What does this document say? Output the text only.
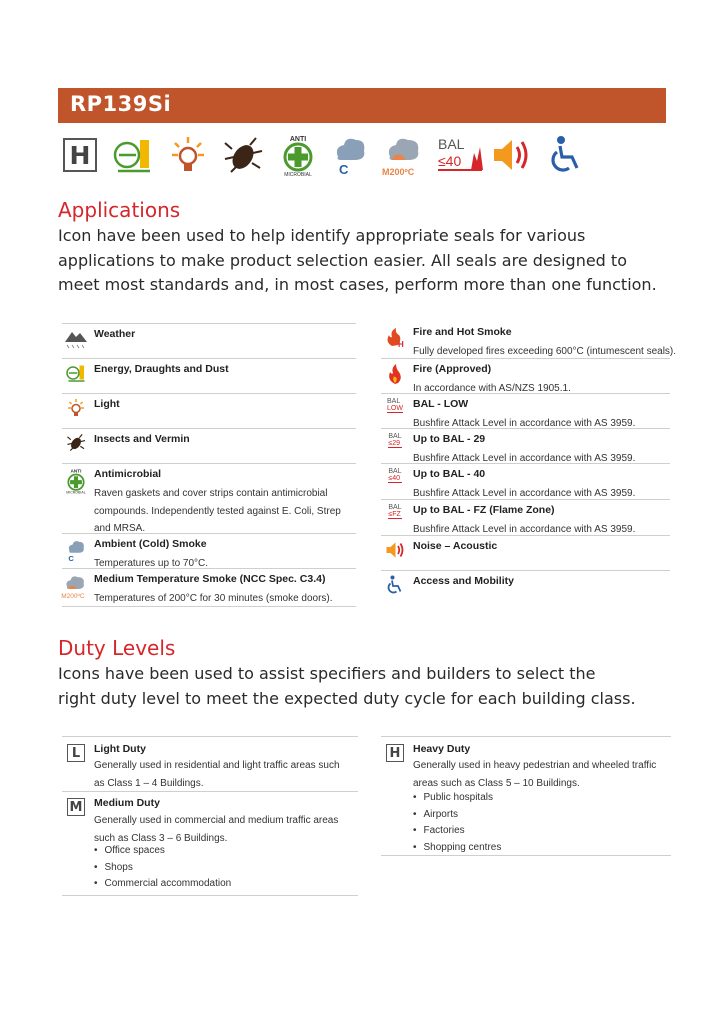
RP139Si
H
ANTI
MICROBIAL C	M200ºC
BAL
≤40
Applications
Icon have been used to help identify appropriate seals for various applications to make product selection easier. All seals are designed to meet most standards and, in most cases, perform more than one function.
Weather
Energy, Draughts and Dust
Light
Insects and Vermin
ANTI
MICROBIAL
Antimicrobial
Raven gaskets and cover strips contain antimicrobial compounds. Independently tested against E. Coli, Strep and MRSA.
C
Ambient (Cold) Smoke
Temperatures up to 70°C.
M200ºC
Medium Temperature Smoke (NCC Spec. C3.4)
Temperatures of 200°C for 30 minutes (smoke doors).
H
Fire and Hot Smoke
Fully developed fires exceeding 600°C (intumescent seals).
Fire (Approved)
In accordance with AS/NZS 1905.1.
BAL
LOW BAL - LOW
Bushfire Attack Level in accordance with AS 3959.
BAL
≤29 Up to BAL - 29
Bushfire Attack Level in accordance with AS 3959.
BAL
≤40 Up to BAL - 40
Bushfire Attack Level in accordance with AS 3959.
BAL
≤FZ Up to BAL - FZ (Flame Zone)
Bushfire Attack Level in accordance with AS 3959.
Noise – Acoustic
Access and Mobility
Duty Levels
Icons have been used to assist specifiers and builders to select the right duty level to meet the expected duty cycle for each building class.
L	Light Duty
Generally used in residential and light traffic areas such as Class 1 – 4 Buildings.
M Medium Duty
Generally used in commercial and medium traffic areas such as Class 3 – 6 Buildings.
• Office spaces
• Shops
• Commercial accommodation
H	Heavy Duty
Generally used in heavy pedestrian and wheeled traffic areas such as Class 5 – 10 Buildings.
• Public hospitals
• Airports
• Factories
• Shopping centres
